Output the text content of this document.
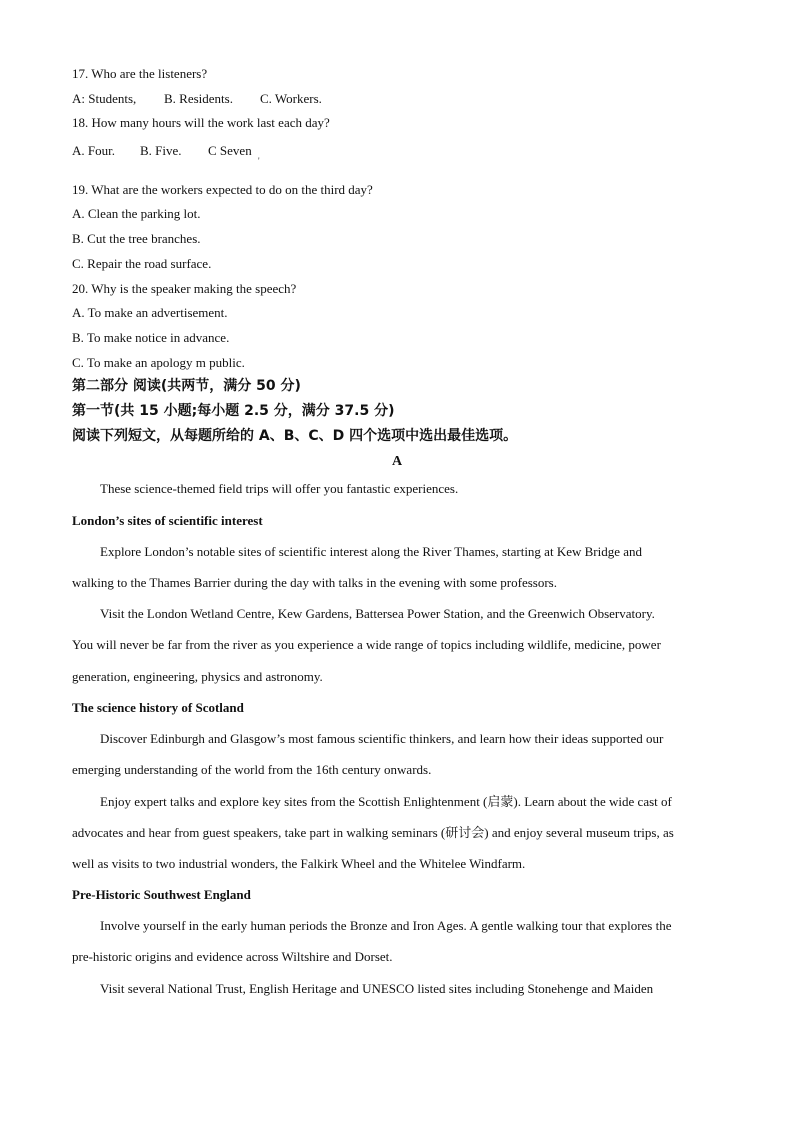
17. Who are the listeners?
A: Students, B. Residents. C. Workers.
18. How many hours will the work last each day?
A. Four. B. Five. C Seven
'
19. What are the workers expected to do on the third day?
A. Clean the parking lot.
B. Cut the tree branches.
C. Repair the road surface.
20. Why is the speaker making the speech?
A. To make an advertisement.
B. To make notice in advance.
C. To make an apology m public.
第二部分 阅读(共两节，满分 50 分)
第一节(共 15 小题;每小题 2.5 分，满分 37.5 分)
阅读下列短文，从每题所给的 A、B、C、D 四个选项中选出最佳选项。
A
These science-themed field trips will offer you fantastic experiences.
London’s sites of scientific interest
Explore London’s notable sites of scientific interest along the River Thames, starting at Kew Bridge and
walking to the Thames Barrier during the day with talks in the evening with some professors.
Visit the London Wetland Centre, Kew Gardens, Battersea Power Station, and the Greenwich Observatory.
You will never be far from the river as you experience a wide range of topics including wildlife, medicine, power
generation, engineering, physics and astronomy.
The science history of Scotland
Discover Edinburgh and Glasgow’s most famous scientific thinkers, and learn how their ideas supported our
emerging understanding of the world from the 16th century onwards.
Enjoy expert talks and explore key sites from the Scottish Enlightenment (启蒙). Learn about the wide cast of
advocates and hear from guest speakers, take part in walking seminars (研讨会) and enjoy several museum trips, as
well as visits to two industrial wonders, the Falkirk Wheel and the Whitelee Windfarm.
Pre-Historic Southwest England
Involve yourself in the early human periods the Bronze and Iron Ages. A gentle walking tour that explores the
pre-historic origins and evidence across Wiltshire and Dorset.
Visit several National Trust, English Heritage and UNESCO listed sites including Stonehenge and Maiden
